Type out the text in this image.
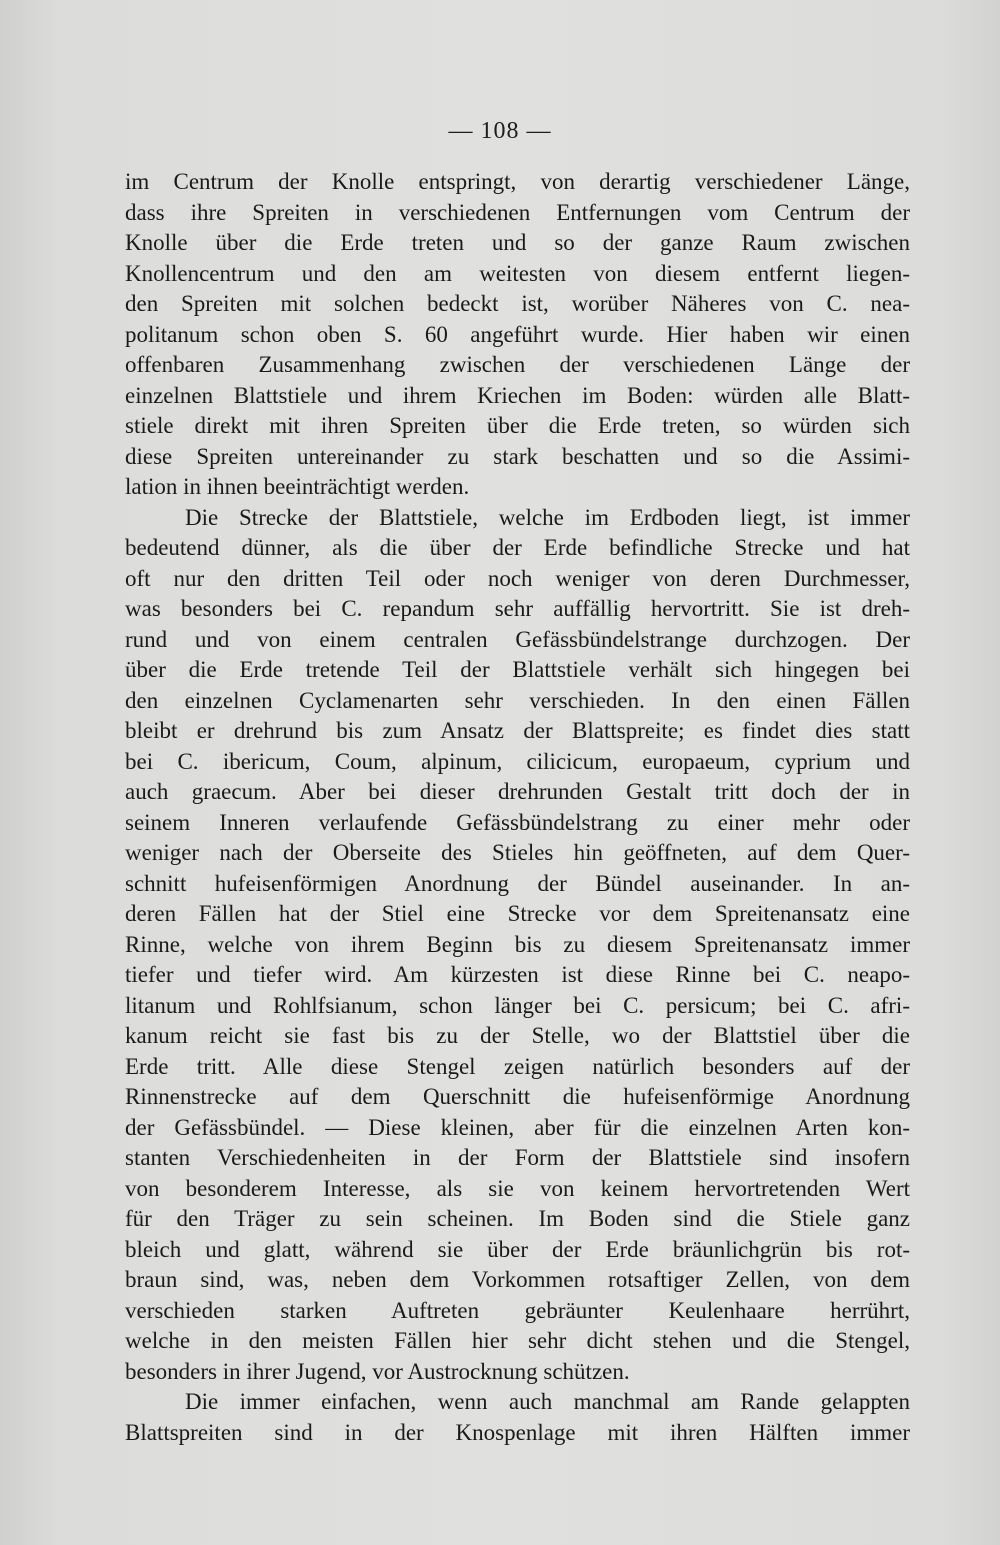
— 108 —

im Centrum der Knolle entspringt, von derartig verschiedener Länge,
dass ihre Spreiten in verschiedenen Entfernungen vom Centrum der
Knolle über die Erde treten und so der ganze Raum zwischen
Knollencentrum und den am weitesten von diesem entfernt liegen-
den Spreiten mit solchen bedeckt ist, worüber Näheres von C. nea-
politanum schon oben S. 60 angeführt wurde. Hier haben wir einen
offenbaren Zusammenhang zwischen der verschiedenen Länge der
einzelnen Blattstiele und ihrem Kriechen im Boden: würden alle Blatt-
stiele direkt mit ihren Spreiten über die Erde treten, so würden sich
diese Spreiten untereinander zu stark beschatten und so die Assimi-
lation in ihnen beeinträchtigt werden.
Die Strecke der Blattstiele, welche im Erdboden liegt, ist immer
bedeutend dünner, als die über der Erde befindliche Strecke und hat
oft nur den dritten Teil oder noch weniger von deren Durchmesser,
was besonders bei C. repandum sehr auffällig hervortritt. Sie ist dreh-
rund und von einem centralen Gefässbündelstrange durchzogen. Der
über die Erde tretende Teil der Blattstiele verhält sich hingegen bei
den einzelnen Cyclamenarten sehr verschieden. In den einen Fällen
bleibt er drehrund bis zum Ansatz der Blattspreite; es findet dies statt
bei C. ibericum, Coum, alpinum, cilicicum, europaeum, cyprium und
auch graecum. Aber bei dieser drehrunden Gestalt tritt doch der in
seinem Inneren verlaufende Gefässbündelstrang zu einer mehr oder
weniger nach der Oberseite des Stieles hin geöffneten, auf dem Quer-
schnitt hufeisenförmigen Anordnung der Bündel auseinander. In an-
deren Fällen hat der Stiel eine Strecke vor dem Spreitenansatz eine
Rinne, welche von ihrem Beginn bis zu diesem Spreitenansatz immer
tiefer und tiefer wird. Am kürzesten ist diese Rinne bei C. neapo-
litanum und Rohlfsianum, schon länger bei C. persicum; bei C. afri-
kanum reicht sie fast bis zu der Stelle, wo der Blattstiel über die
Erde tritt. Alle diese Stengel zeigen natürlich besonders auf der
Rinnenstrecke auf dem Querschnitt die hufeisenförmige Anordnung
der Gefässbündel. — Diese kleinen, aber für die einzelnen Arten kon-
stanten Verschiedenheiten in der Form der Blattstiele sind insofern
von besonderem Interesse, als sie von keinem hervortretenden Wert
für den Träger zu sein scheinen. Im Boden sind die Stiele ganz
bleich und glatt, während sie über der Erde bräunlichgrün bis rot-
braun sind, was, neben dem Vorkommen rotsaftiger Zellen, von dem
verschieden starken Auftreten gebräunter Keulenhaare herrührt,
welche in den meisten Fällen hier sehr dicht stehen und die Stengel,
besonders in ihrer Jugend, vor Austrocknung schützen.
Die immer einfachen, wenn auch manchmal am Rande gelappten
Blattspreiten sind in der Knospenlage mit ihren Hälften immer
